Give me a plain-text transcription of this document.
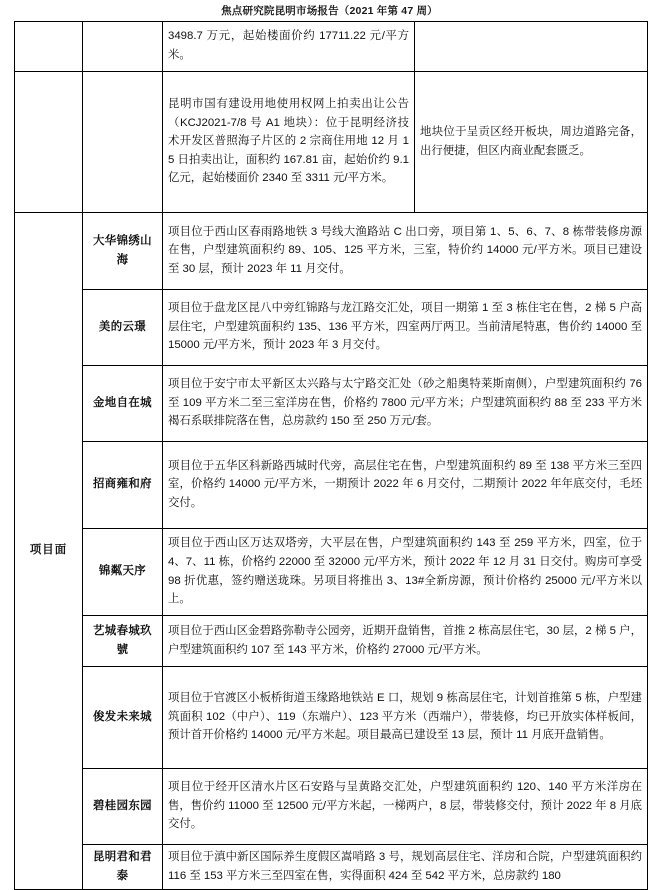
焦点研究院昆明市场报告（2021 年第 47 周）
		3498.7 万元，起始楼面价约 17711.22 元/平方米。	
		昆明市国有建设用地使用权网上拍卖出让公告（KCJ2021-7/8 号 A1 地块）：位于昆明经济技术开发区普照海子片区的 2 宗商住用地 12 月 15 日拍卖出让，面积约 167.81 亩，起始价约 9.1 亿元，起始楼面价 2340 至 3311 元/平方米。	地块位于呈贡区经开板块，周边道路完备，出行便捷，但区内商业配套匮乏。
项目面	大华锦绣山海	项目位于西山区春雨路地铁 3 号线大渔路站 C 出口旁，项目第 1、5、6、7、8 栋带装修房源在售，户型建筑面积约 89、105、125 平方米，三室，特价约 14000 元/平方米。项目已建设至 30 层，预计 2023 年 11 月交付。	
	美的云璟	项目位于盘龙区昆八中旁红锦路与龙江路交汇处，项目一期第 1 至 3 栋住宅在售，2 梯 5 户高层住宅，户型建筑面积约 135、136 平方米，四室两厅两卫。当前清尾特惠，售价约 14000 至 15000 元/平方米，预计 2023 年 3 月交付。	
	金地自在城	项目位于安宁市太平新区太兴路与太宁路交汇处（砂之船奥特莱斯南侧），户型建筑面积约 76 至 109 平方米二至三室洋房在售，价格约 7800 元/平方米；户型建筑面积约 88 至 233 平方米褐石系联排院落在售，总房款约 150 至 250 万元/套。	
	招商雍和府	项目位于五华区科新路西城时代旁，高层住宅在售，户型建筑面积约 89 至 138 平方米三至四室，价格约 14000 元/平方米，一期预计 2022 年 6 月交付，二期预计 2022 年年底交付，毛坯交付。	
	锦粼天序	项目位于西山区万达双塔旁，大平层在售，户型建筑面积约 143 至 259 平方米，四室，位于 4、7、11 栋，价格约 22000 至 32000 元/平方米，预计 2022 年 12 月 31 日交付。购房可享受 98 折优惠，签约赠送珑珠。另项目将推出 3、13#全新房源，预计价格约 25000 元/平方米以上。	
	艺城春城玖號	项目位于西山区金碧路弥勒寺公园旁，近期开盘销售，首推 2 栋高层住宅，30 层，2 梯 5 户，户型建筑面积约 107 至 143 平方米，价格约 27000 元/平方米。	
	俊发未来城	项目位于官渡区小板桥街道玉缘路地铁站 E 口，规划 9 栋高层住宅，计划首推第 5 栋，户型建筑面积 102（中户）、119（东端户）、123 平方米（西端户），带装修，均已开放实体样板间，预计首开价格约 14000 元/平方米起。项目最高已建设至 13 层，预计 11 月底开盘销售。	
	碧桂园东园	项目位于经开区清水片区石安路与呈黄路交汇处，户型建筑面积约 120、140 平方米洋房在售，售价约 11000 至 12500 元/平方米起，一梯两户，8 层，带装修交付，预计 2022 年 8 月底交付。	
	昆明君和君泰	项目位于滇中新区国际养生度假区嵩哨路 3 号，规划高层住宅、洋房和合院，户型建筑面积约 116 至 153 平方米三至四室在售，实得面积 424 至 542 平方米，总房款约 180	
